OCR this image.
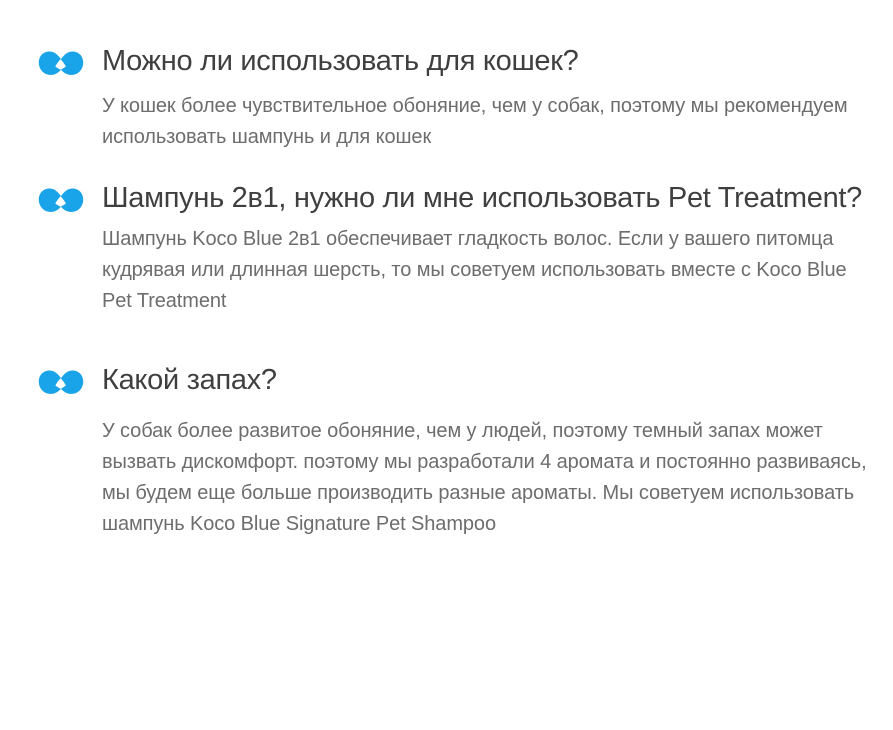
Можно ли использовать для кошек?

У кошек более чувствительное обоняние, чем у собак, поэтому мы рекомендуем использовать шампунь и для кошек

Шампунь 2в1, нужно ли мне использовать Pet Treatment?

Шампунь Koco Blue 2в1 обеспечивает гладкость волос. Если у вашего питомца кудрявая или длинная шерсть, то мы советуем использовать вместе с Koco Blue Pet Treatment

Какой запах?

У собак более развитое обоняние, чем у людей, поэтому темный запах может вызвать дискомфорт. поэтому мы разработали 4 аромата и постоянно развиваясь, мы будем еще больше производить разные ароматы. Мы советуем использовать шампунь Koco Blue Signature Pet Shampoo
